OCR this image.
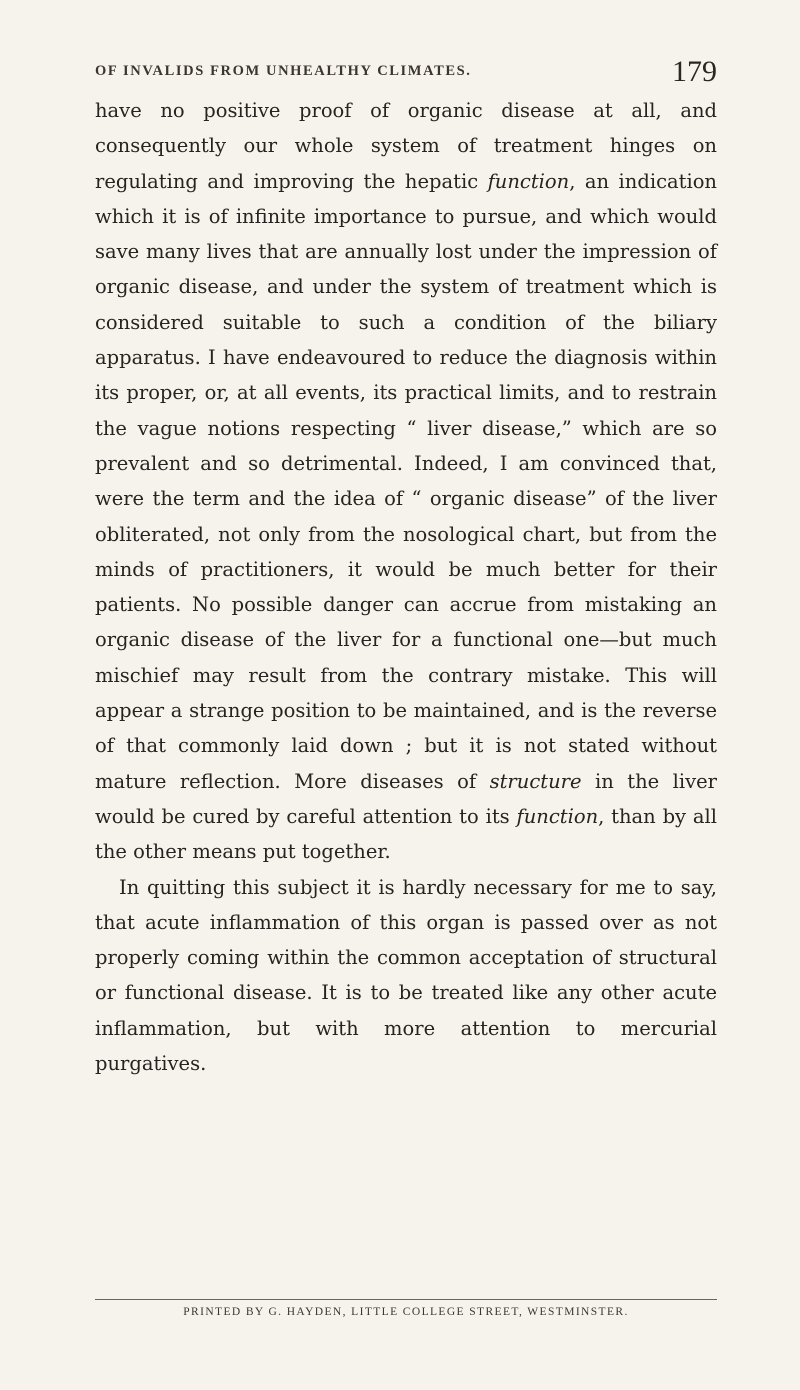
OF INVALIDS FROM UNHEALTHY CLIMATES.	179

have no positive proof of organic disease at all, and consequently our whole system of treatment hinges on regulating and improving the hepatic function, an indication which it is of infinite importance to pursue, and which would save many lives that are annually lost under the impression of organic disease, and under the system of treatment which is considered suitable to such a condition of the biliary apparatus. I have endeavoured to reduce the diagnosis within its proper, or, at all events, its practical limits, and to restrain the vague notions respecting “ liver disease,” which are so prevalent and so detrimental. Indeed, I am convinced that, were the term and the idea of “ organic disease” of the liver obliterated, not only from the nosological chart, but from the minds of practitioners, it would be much better for their patients. No possible danger can accrue from mistaking an organic disease of the liver for a functional one—but much mischief may result from the contrary mistake. This will appear a strange position to be maintained, and is the reverse of that commonly laid down ; but it is not stated without mature reflection. More diseases of structure in the liver would be cured by careful attention to its function, than by all the other means put together.

In quitting this subject it is hardly necessary for me to say, that acute inflammation of this organ is passed over as not properly coming within the common acceptation of structural or functional disease. It is to be treated like any other acute inflammation, but with more attention to mercurial purgatives.

PRINTED BY G. HAYDEN, LITTLE COLLEGE STREET, WESTMINSTER.
